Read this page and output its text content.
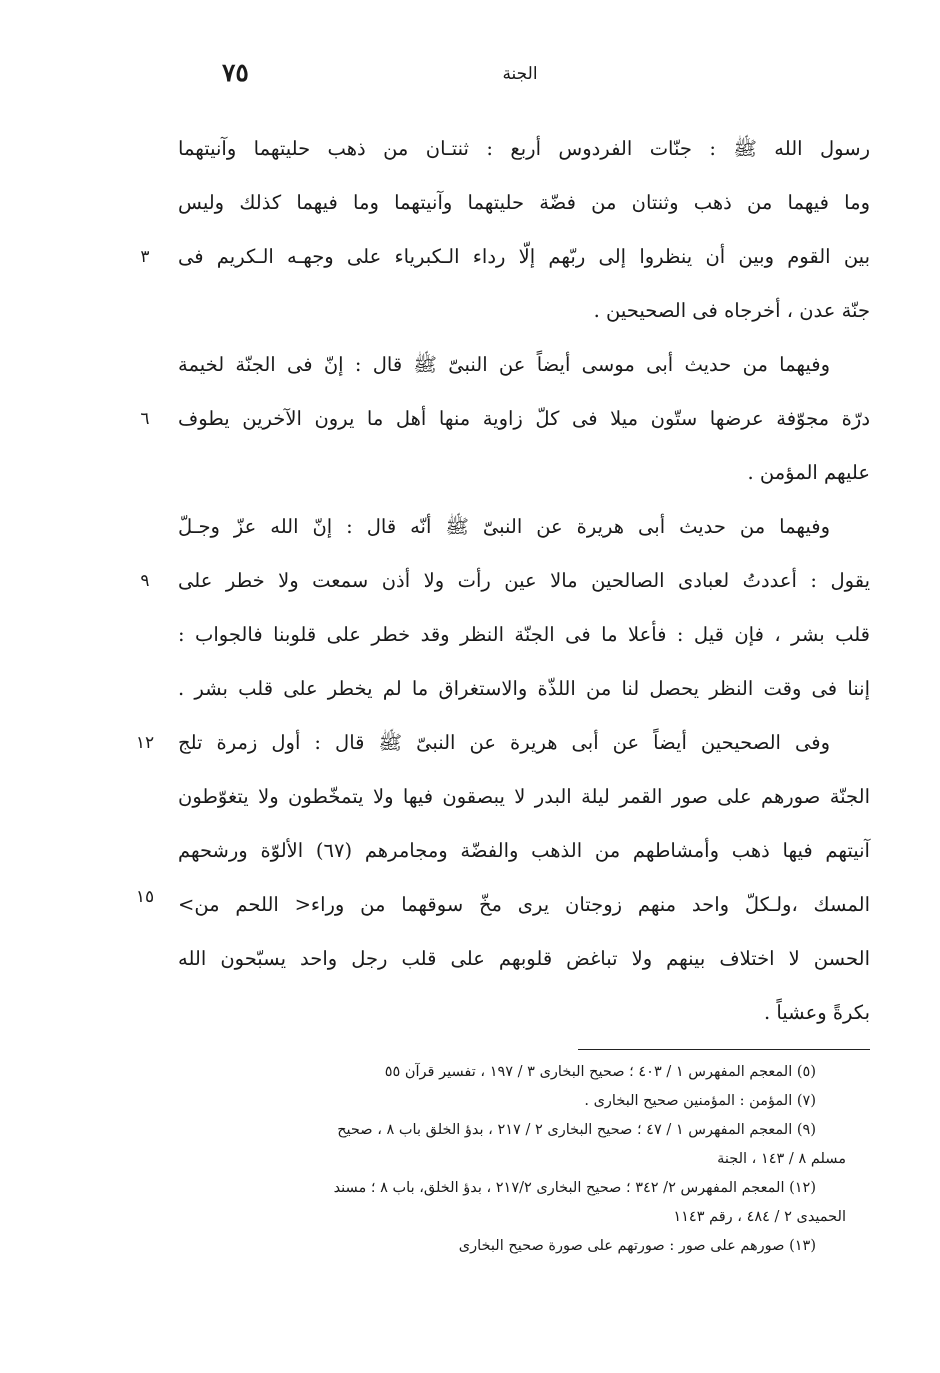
٧٥	الجنة
رسول الله ﷺ : جنّات الفردوس أربع : ثنتـان من ذهب حليتهما وآنيتهما
وما فيهما من ذهب وثنتان من فضّة حليتهما وآنيتهما وما فيهما كذلك وليس
بين القوم وبين أن ينظروا إلى ربّهم إلّا رداء الـكبرياء على وجهـه الـكريم فى
جنّة عدن ، أخرجاه فى الصحيحين .
وفيهما من حديث أبى موسى أيضاً عن النبىّ ﷺ قال : إنّ فى الجنّة لخيمة
درّة مجوّفة عرضها ستّون ميلا فى كلّ زاوية منها أهل ما يرون الآخرين يطوف
عليهم المؤمن .
وفيهما من حديث أبى هريرة عن النبىّ ﷺ أنّه قال : إنّ الله عزّ وجـلّ
يقول : أعددتُ لعبادى الصالحين مالا عين رأت ولا أذن سمعت ولا خطر على
قلب بشر ، فإن قيل : فأعلا ما فى الجنّة النظر وقد خطر على قلوبنا فالجواب :
إننا فى وقت النظر يحصل لنا من اللذّة والاستغراق ما لم يخطر على قلب بشر .
وفى الصحيحين أيضاً عن أبى هريرة عن النبىّ ﷺ قال : أول زمرة تلج
الجنّة صورهم على صور القمر ليلة البدر لا يبصقون فيها ولا يتمخّطون ولا يتغوّطون
آنيتهم فيها ذهب وأمشاطهم من الذهب والفضّة ومجامرهم (٦٧) الألوّة ورشحهم
المسك ،ولـكلّ واحد منهم زوجتان يرى مخّ سوقهما من وراء< اللحم من>
الحسن لا اختلاف بينهم ولا تباغض قلوبهم على قلب رجل واحد يسبّحون الله
بكرةً وعشياً .
٣
٦
٩
١٢
١٥
(٥) المعجم المفهرس ١ / ٤٠٣ ؛ صحيح البخارى ٣ / ١٩٧ ، تفسير قرآن ٥٥
(٧) المؤمن : المؤمنين صحيح البخارى .
(٩) المعجم المفهرس ١ / ٤٧ ؛ صحيح البخارى ٢ / ٢١٧ ، بدؤ الخلق باب ٨ ، صحيح
مسلم ٨ / ١٤٣ ، الجنة
(١٢) المعجم المفهرس ٢/ ٣٤٢ ؛ صحيح البخارى ٢١٧/٢ ، بدؤ الخلق، باب ٨ ؛ مسند
الحميدى ٢ / ٤٨٤ ، رقم ١١٤٣
(١٣) صورهم على صور : صورتهم على صورة صحيح البخارى
